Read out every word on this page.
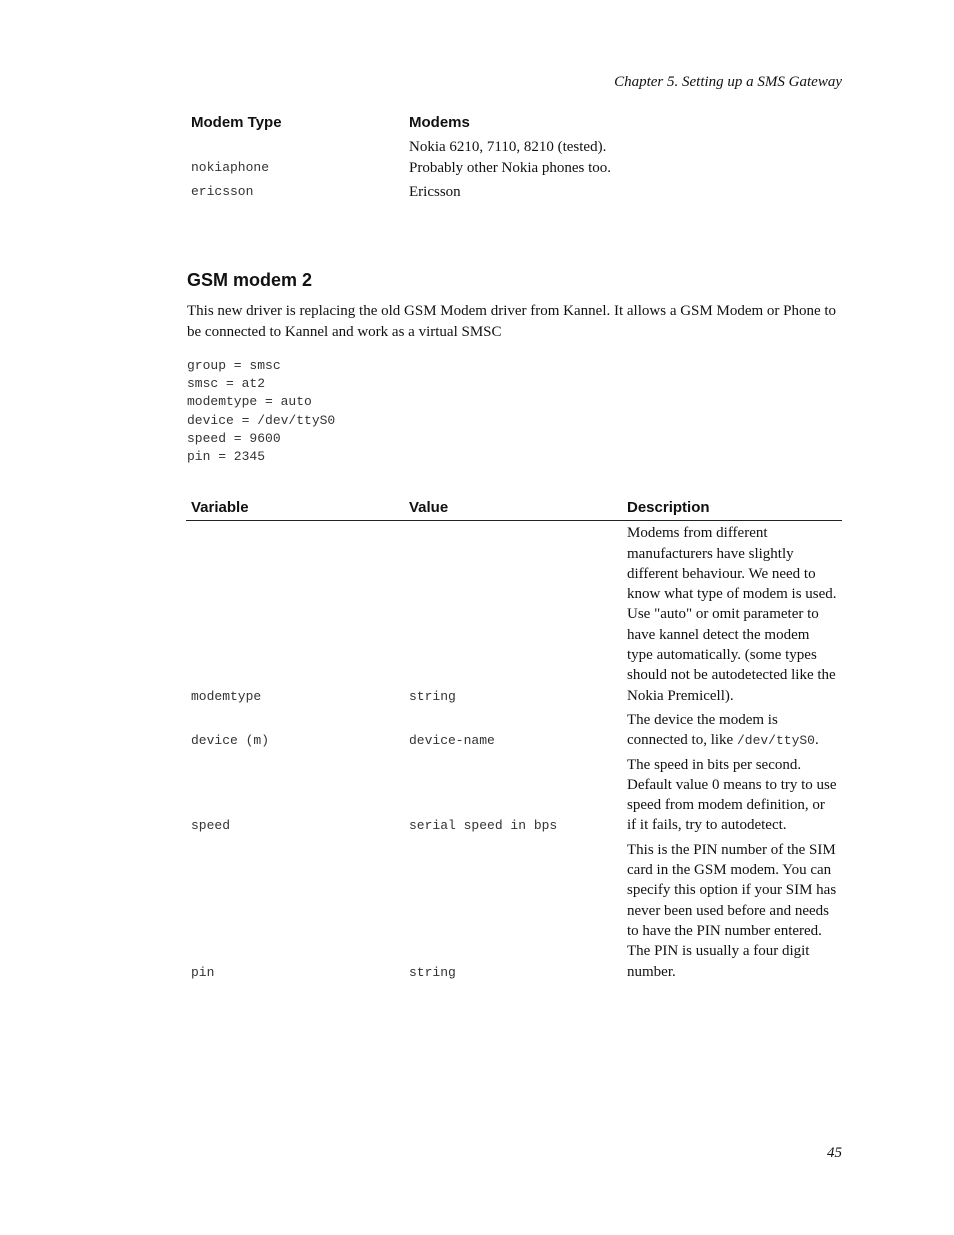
Chapter 5. Setting up a SMS Gateway
Modem Type	Modems
nokiaphone	Nokia 6210, 7110, 8210 (tested). Probably other Nokia phones too.

ericsson	Ericsson
GSM modem 2

This new driver is replacing the old GSM Modem driver from Kannel. It allows a GSM Modem or Phone to be connected to Kannel and work as a virtual SMSC

group = smsc
smsc = at2
modemtype = auto
device = /dev/ttyS0
speed = 9600
pin = 2345
Variable	Value	Description
modemtype	string	Modems from different manufacturers have slightly different behaviour. We need to know what type of modem is used. Use "auto" or omit parameter to have kannel detect the modem type automatically. (some types should not be autodetected like the Nokia Premicell).

device (m)	device-name	The device the modem is connected to, like /dev/ttyS0.

speed	serial speed in bps	The speed in bits per second. Default value 0 means to try to use speed from modem definition, or if it fails, try to autodetect.

pin	string	This is the PIN number of the SIM card in the GSM modem. You can specify this option if your SIM has never been used before and needs to have the PIN number entered. The PIN is usually a four digit number.
45
